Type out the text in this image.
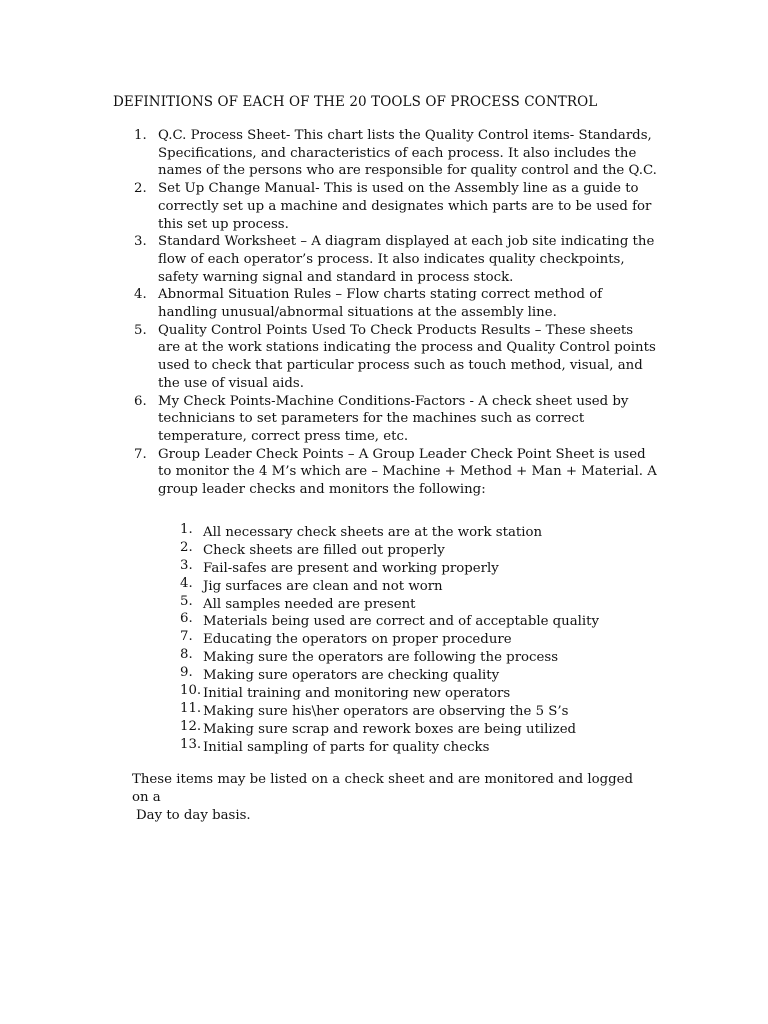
DEFINITIONS OF EACH OF THE 20 TOOLS OF PROCESS CONTROL
1. Q.C. Process Sheet- This chart lists the Quality Control items- Standards, Specifications, and characteristics of each process. It also includes the names of the persons who are responsible for quality control and the Q.C.
2. Set Up Change Manual- This is used on the Assembly line as a guide to correctly set up a machine and designates which parts are to be used for this set up process.
3. Standard Worksheet – A diagram displayed at each job site indicating the flow of each operator’s process. It also indicates quality checkpoints, safety warning signal and standard in process stock.
4. Abnormal Situation Rules – Flow charts stating correct method of handling unusual/abnormal situations at the assembly line.
5. Quality Control Points Used To Check Products Results – These sheets are at the work stations indicating the process and Quality Control points used to check that particular process such as touch method, visual, and the use of visual aids.
6. My Check Points-Machine Conditions-Factors - A check sheet used by technicians to set parameters for the machines such as correct temperature, correct press time, etc.
7. Group Leader Check Points – A Group Leader Check Point Sheet is used to monitor the 4 M’s which are – Machine + Method + Man + Material. A group leader checks and monitors the following:
1. All necessary check sheets are at the work station
2. Check sheets are filled out properly
3. Fail-safes are present and working properly
4. Jig surfaces are clean and not worn
5. All samples needed are present
6. Materials being used are correct and of acceptable quality
7. Educating the operators on proper procedure
8. Making sure the operators are following the process
9. Making sure operators are checking quality
10. Initial training and monitoring new operators
11. Making sure his\her operators are observing the 5 S’s
12. Making sure scrap and rework boxes are being utilized
13. Initial sampling of parts for quality checks
These items may be listed on a check sheet and are monitored and logged on a
Day to day basis.
